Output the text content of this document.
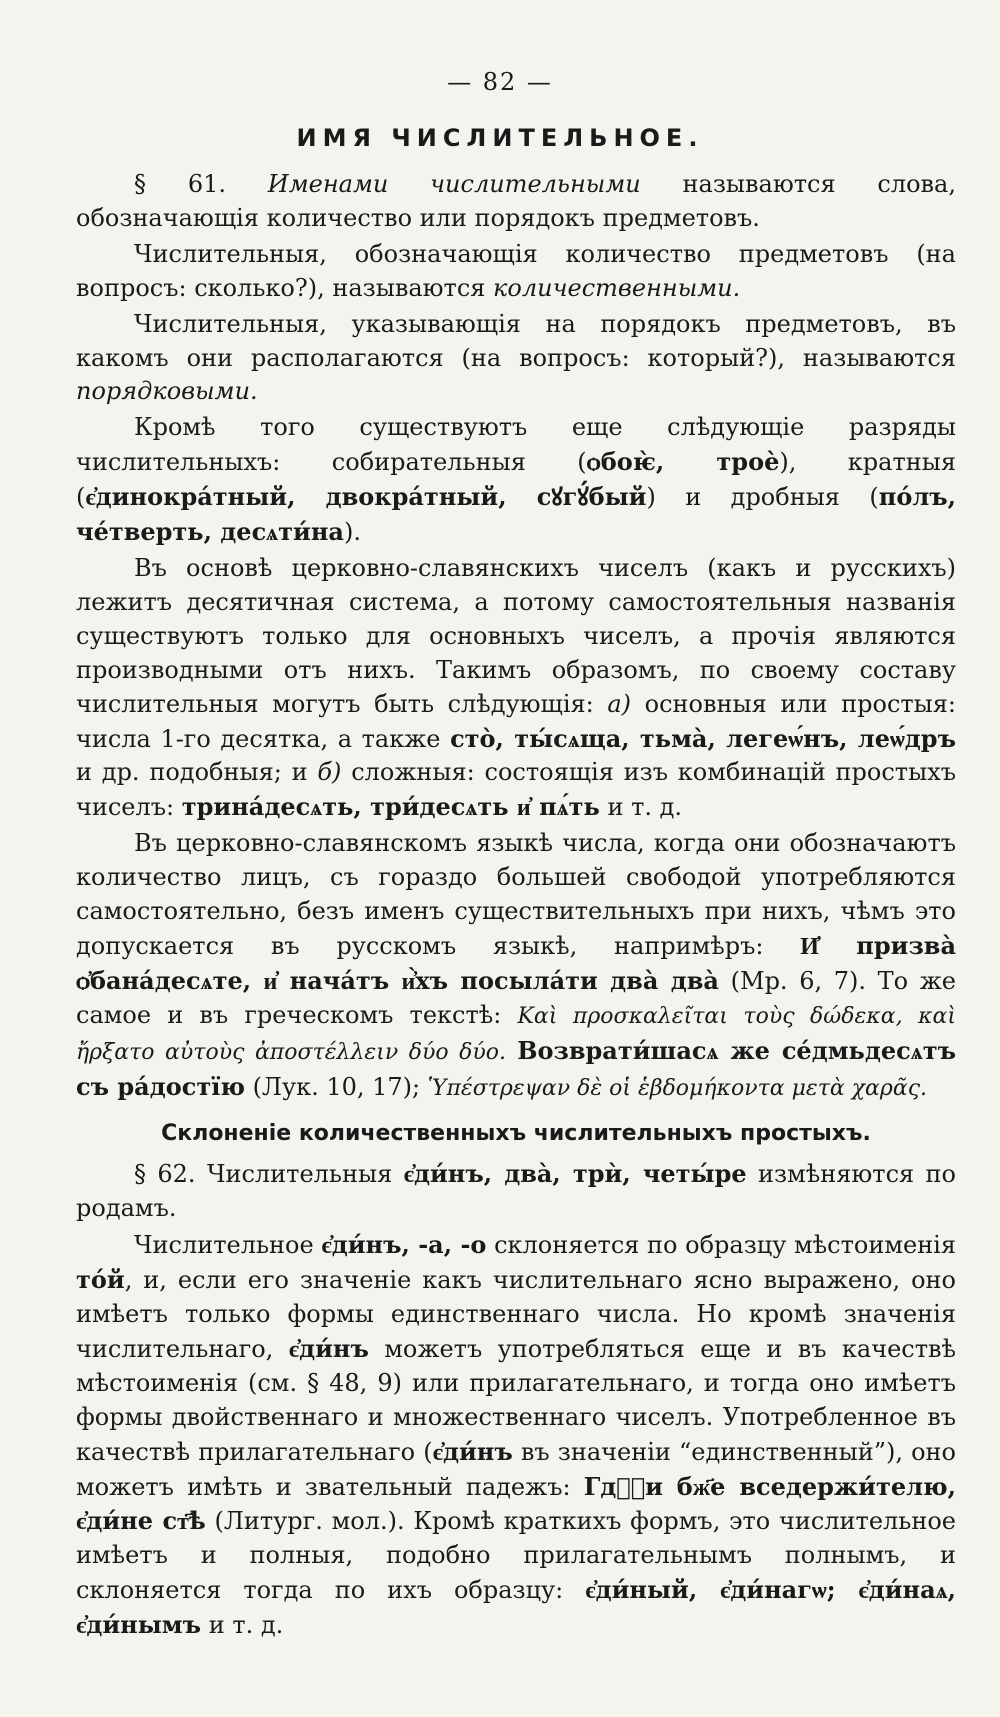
— 82 —
ИМЯ ЧИСЛИТЕЛЬНОЕ.

§ 61. Именами числительными называются слова, обозначающія количество или порядокъ предметовъ.

Числительныя, обозначающія количество предметовъ (на вопросъ: сколько?), называются количественными.

Числительныя, указывающія на порядокъ предметовъ, въ какомъ они располагаются (на вопросъ: который?), называются порядковыми.

Кромѣ того существуютъ еще слѣдующіе разряды числительныхъ: собирательныя (ѻбоѥ̀, троѐ), кратныя (є҆динокра́тный, двокра́тный, сꙋгꙋ́бый) и дробныя (по́лъ, че́тверть, десѧти́на).

Въ основѣ церковно-славянскихъ чиселъ (какъ и русскихъ) лежитъ десятичная система, а потому самостоятельныя названія существуютъ только для основныхъ чиселъ, а прочія являются производными отъ нихъ. Такимъ образомъ, по своему составу числительныя могутъ быть слѣдующія: а) основныя или простыя: числа 1-го десятка, а также сто̀, ты́сѧща, тьма̀, легеѡ́нъ, леѡ́дръ и др. подобныя; и б) сложныя: состоящія изъ комбинацій простыхъ чиселъ: трина́десѧть, три́десѧть и҆ пѧ́ть и т. д.

Въ церковно-славянскомъ языкѣ числа, когда они обозначаютъ количество лицъ, съ гораздо большей свободой употребляются самостоятельно, безъ именъ существительныхъ при нихъ, чѣмъ это допускается въ русскомъ языкѣ, напримѣръ: И҆ призва̀ ѻ҆бана́десѧте, и҆ нача́тъ и҆̀хъ посыла́ти два̀ два̀ (Мр. 6, 7). То же самое и въ греческомъ текстѣ: Καὶ προσκαλεῖται τοὺς δώδεκα, καὶ ἤρξατο αὐτοὺς ἀποστέλλειν δύο δύο. Возврати́шасѧ же се́дмьдесѧтъ съ ра́достїю (Лук. 10, 17); Ὑπέστρεψαν δὲ οἱ ἑβδομήκοντα μετὰ χαρᾶς.

Склоненіе количественныхъ числительныхъ простыхъ.

§ 62. Числительныя є҆ди́нъ, два̀, трѝ, четы́ре измѣняются по родамъ.

Числительное є҆ди́нъ, -а, -о склоняется по образцу мѣстоименія то́й, и, если его значеніе какъ числительнаго ясно выражено, оно имѣетъ только формы единственнаго числа. Но кромѣ значенія числительнаго, є҆ди́нъ можетъ употребляться еще и въ качествѣ мѣстоименія (см. § 48, 9) или прилагательнаго, и тогда оно имѣетъ формы двойственнаго и множественнаго чиселъ. Употребленное въ качествѣ прилагательнаго (є҆ди́нъ въ значеніи “единственный”), оно можетъ имѣть и звательный падежъ: Гдⷭ҇и бж҃е вседержи́телю, є҆ди́не ст҃ѣ (Литург. мол.). Кромѣ краткихъ формъ, это числительное имѣетъ и полныя, подобно прилагательнымъ полнымъ, и склоняется тогда по ихъ образцу: є҆ди́ный, є҆ди́нагѡ; є҆ди́наѧ, є҆ди́нымъ и т. д.
